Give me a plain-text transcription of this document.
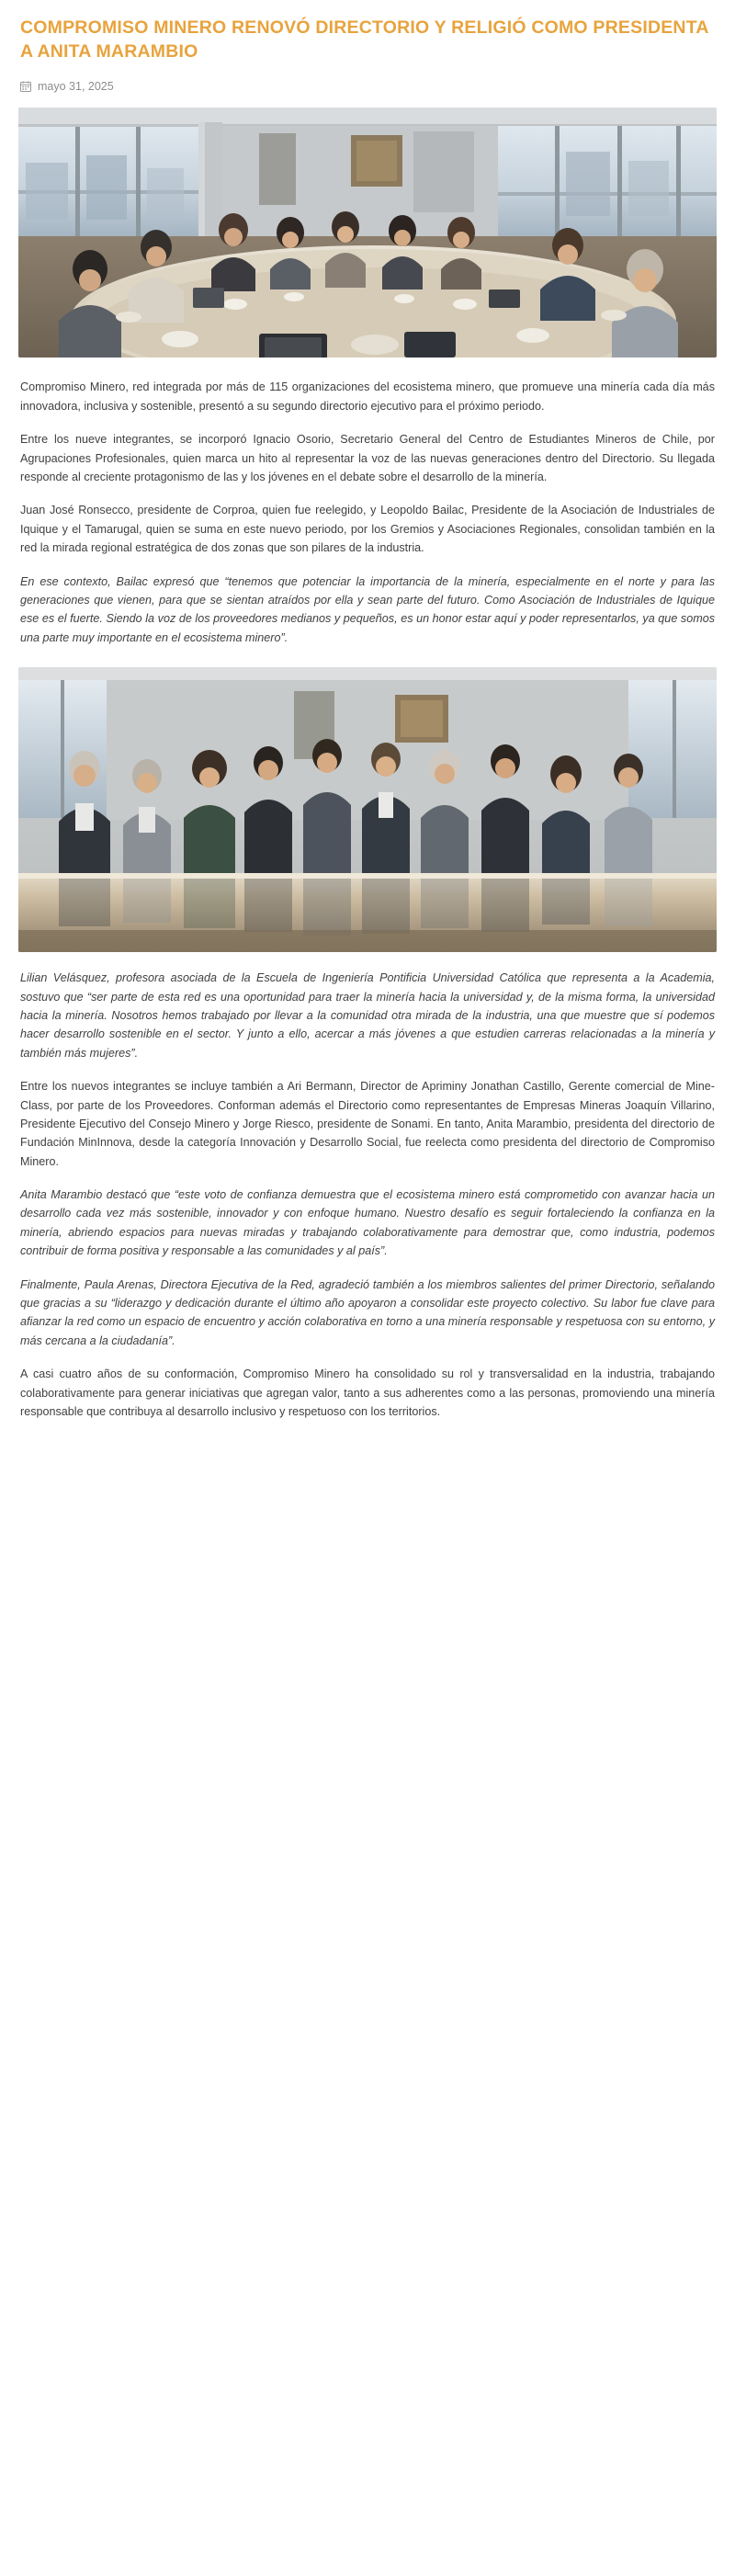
COMPROMISO MINERO RENOVÓ DIRECTORIO Y RELIGIÓ COMO PRESIDENTA A ANITA MARAMBIO
mayo 31, 2025

Compromiso Minero, red integrada por más de 115 organizaciones del ecosistema minero, que promueve una minería cada día más innovadora, inclusiva y sostenible, presentó a su segundo directorio ejecutivo para el próximo periodo.

Entre los nueve integrantes, se incorporó Ignacio Osorio, Secretario General del Centro de Estudiantes Mineros de Chile, por Agrupaciones Profesionales, quien marca un hito al representar la voz de las nuevas generaciones dentro del Directorio. Su llegada responde al creciente protagonismo de las y los jóvenes en el debate sobre el desarrollo de la minería.

Juan José Ronsecco, presidente de Corproa, quien fue reelegido, y Leopoldo Bailac, Presidente de la Asociación de Industriales de Iquique y el Tamarugal, quien se suma en este nuevo periodo, por los Gremios y Asociaciones Regionales, consolidan también en la red la mirada regional estratégica de dos zonas que son pilares de la industria.

En ese contexto, Bailac expresó que “tenemos que potenciar la importancia de la minería, especialmente en el norte y para las generaciones que vienen, para que se sientan atraídos por ella y sean parte del futuro. Como Asociación de Industriales de Iquique ese es el fuerte. Siendo la voz de los proveedores medianos y pequeños, es un honor estar aquí y poder representarlos, ya que somos una parte muy importante en el ecosistema minero”.

Lilian Velásquez, profesora asociada de la Escuela de Ingeniería Pontificia Universidad Católica que representa a la Academia, sostuvo que “ser parte de esta red es una oportunidad para traer la minería hacia la universidad y, de la misma forma, la universidad hacia la minería. Nosotros hemos trabajado por llevar a la comunidad otra mirada de la industria, una que muestre que sí podemos hacer desarrollo sostenible en el sector. Y junto a ello, acercar a más jóvenes a que estudien carreras relacionadas a la minería y también más mujeres”.

Entre los nuevos integrantes se incluye también a Ari Bermann, Director de Apriminy Jonathan Castillo, Gerente comercial de Mine-Class, por parte de los Proveedores. Conforman además el Directorio como representantes de Empresas Mineras Joaquín Villarino, Presidente Ejecutivo del Consejo Minero y Jorge Riesco, presidente de Sonami. En tanto, Anita Marambio, presidenta del directorio de Fundación MinInnova, desde la categoría Innovación y Desarrollo Social, fue reelecta como presidenta del directorio de Compromiso Minero.

Anita Marambio destacó que “este voto de confianza demuestra que el ecosistema minero está comprometido con avanzar hacia un desarrollo cada vez más sostenible, innovador y con enfoque humano. Nuestro desafío es seguir fortaleciendo la confianza en la minería, abriendo espacios para nuevas miradas y trabajando colaborativamente para demostrar que, como industria, podemos contribuir de forma positiva y responsable a las comunidades y al país”.

Finalmente, Paula Arenas, Directora Ejecutiva de la Red, agradeció también a los miembros salientes del primer Directorio, señalando que gracias a su “liderazgo y dedicación durante el último año apoyaron a consolidar este proyecto colectivo. Su labor fue clave para afianzar la red como un espacio de encuentro y acción colaborativa en torno a una minería responsable y respetuosa con su entorno, y más cercana a la ciudadanía”.

A casi cuatro años de su conformación, Compromiso Minero ha consolidado su rol y transversalidad en la industria, trabajando colaborativamente para generar iniciativas que agregan valor, tanto a sus adherentes como a las personas, promoviendo una minería responsable que contribuya al desarrollo inclusivo y respetuoso con los territorios.
